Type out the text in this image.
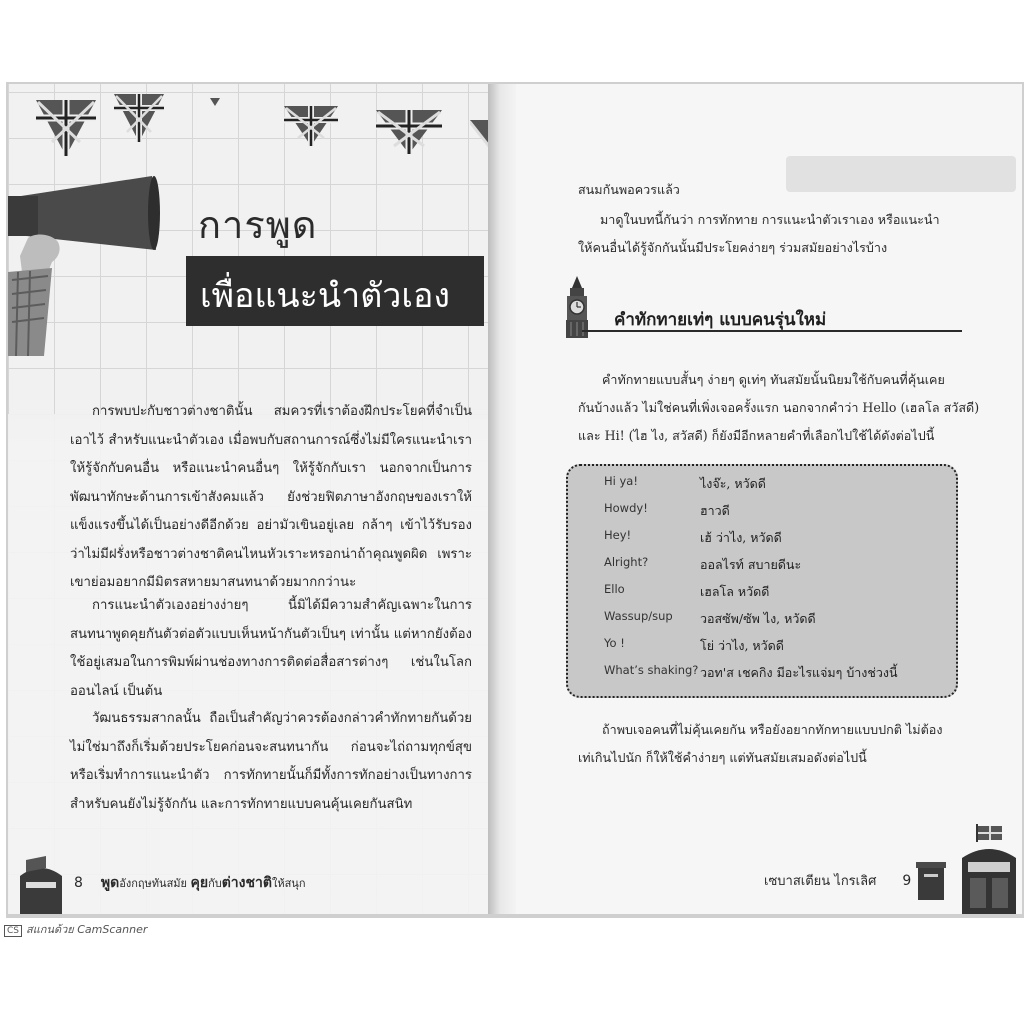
การพูด
เพื่อแนะนำตัวเอง

การพบปะกับชาวต่างชาตินั้น สมควรที่เราต้องฝึกประโยคที่จำเป็นเอาไว้ สำหรับแนะนำตัวเอง เมื่อพบกับสถานการณ์ซึ่งไม่มีใครแนะนำเราให้รู้จักกับคนอื่น หรือแนะนำคนอื่นๆ ให้รู้จักกับเรา นอกจากเป็นการพัฒนาทักษะด้านการเข้าสังคมแล้ว ยังช่วยฟิตภาษาอังกฤษของเราให้แข็งแรงขึ้นได้เป็นอย่างดีอีกด้วย อย่ามัวเขินอยู่เลย กล้าๆ เข้าไว้รับรองว่าไม่มีฝรั่งหรือชาวต่างชาติคนไหนหัวเราะหรอกน่าถ้าคุณพูดผิด เพราะเขาย่อมอยากมีมิตรสหายมาสนทนาด้วยมากกว่านะ

การแนะนำตัวเองอย่างง่ายๆ นี้มิได้มีความสำคัญเฉพาะในการสนทนาพูดคุยกันตัวต่อตัวแบบเห็นหน้ากันตัวเป็นๆ เท่านั้น แต่หากยังต้องใช้อยู่เสมอในการพิมพ์ผ่านช่องทางการติดต่อสื่อสารต่างๆ เช่นในโลกออนไลน์ เป็นต้น

วัฒนธรรมสากลนั้น ถือเป็นสำคัญว่าควรต้องกล่าวคำทักทายกันด้วย ไม่ใช่มาถึงก็เริ่มด้วยประโยคก่อนจะสนทนากัน ก่อนจะไถ่ถามทุกข์สุข หรือเริ่มทำการแนะนำตัว การทักทายนั้นก็มีทั้งการทักอย่างเป็นทางการสำหรับคนยังไม่รู้จักกัน และการทักทายแบบคนคุ้นเคยกันสนิท

8 พูดอังกฤษทันสมัย คุยกับต่างชาติให้สนุก
สนมกันพอควรแล้ว
มาดูในบทนี้กันว่า การทักทาย การแนะนำตัวเราเอง หรือแนะนำ
ให้คนอื่นได้รู้จักกันนั้นมีประโยคง่ายๆ ร่วมสมัยอย่างไรบ้าง
คำทักทายเท่ๆ แบบคนรุ่นใหม่
คำทักทายแบบสั้นๆ ง่ายๆ ดูเท่ๆ ทันสมัยนั้นนิยมใช้กับคนที่คุ้นเคย
กันบ้างแล้ว ไม่ใช่คนที่เพิ่งเจอครั้งแรก นอกจากคำว่า Hello (เฮลโล สวัสดี)
และ Hi! (ไฮ ไง, สวัสดี) ก็ยังมีอีกหลายคำที่เลือกไปใช้ได้ดังต่อไปนี้
Hi ya!	ไงจ๊ะ, หวัดดี
Howdy!	ฮาวดี
Hey!	เฮ้ ว่าไง, หวัดดี
Alright?	ออลไรท์ สบายดีนะ
Ello	เฮลโล หวัดดี
Wassup/sup วอสซัพ/ซัพ ไง, หวัดดี
Yo !	โย่ ว่าไง, หวัดดี
What’s shaking? วอท'ส เชคกิง มีอะไรแจ่มๆ บ้างช่วงนี้
ถ้าพบเจอคนที่ไม่คุ้นเคยกัน หรือยังอยากทักทายแบบปกติ ไม่ต้อง
เท่เกินไปนัก ก็ให้ใช้คำง่ายๆ แต่ทันสมัยเสมอดังต่อไปนี้
เซบาสเตียน ไกรเลิศ 9
CS สแกนด้วย CamScanner
